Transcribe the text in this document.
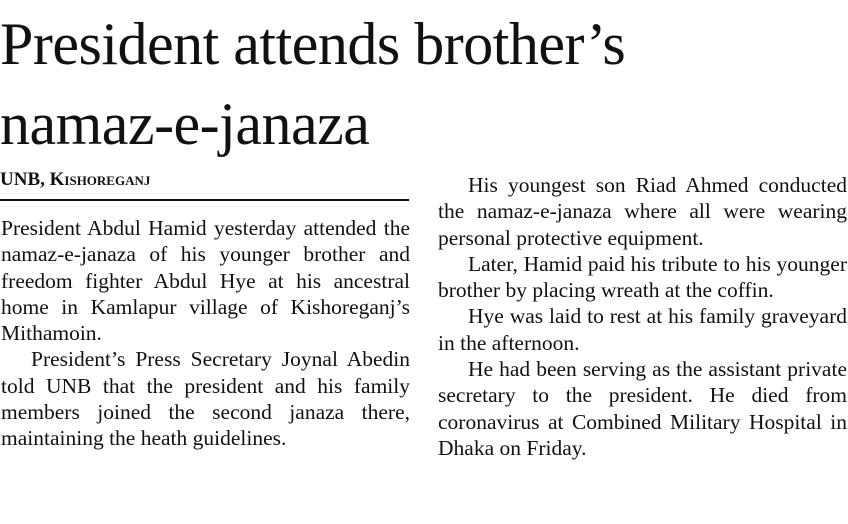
President attends brother’s
namaz-e-janaza
UNB, Kishoreganj

President Abdul Hamid yesterday attended the namaz-e-janaza of his younger brother and freedom fighter Abdul Hye at his ancestral home in Kamlapur village of Kishoreganj’s Mithamoin.

President’s Press Secretary Joynal Abedin told UNB that the president and his family members joined the second janaza there, maintaining the heath guidelines.

His youngest son Riad Ahmed conducted the namaz-e-janaza where all were wearing personal protective equipment.

Later, Hamid paid his tribute to his younger brother by placing wreath at the coffin.

Hye was laid to rest at his family graveyard in the afternoon.

He had been serving as the assistant private secretary to the president. He died from coronavirus at Combined Military Hospital in Dhaka on Friday.
